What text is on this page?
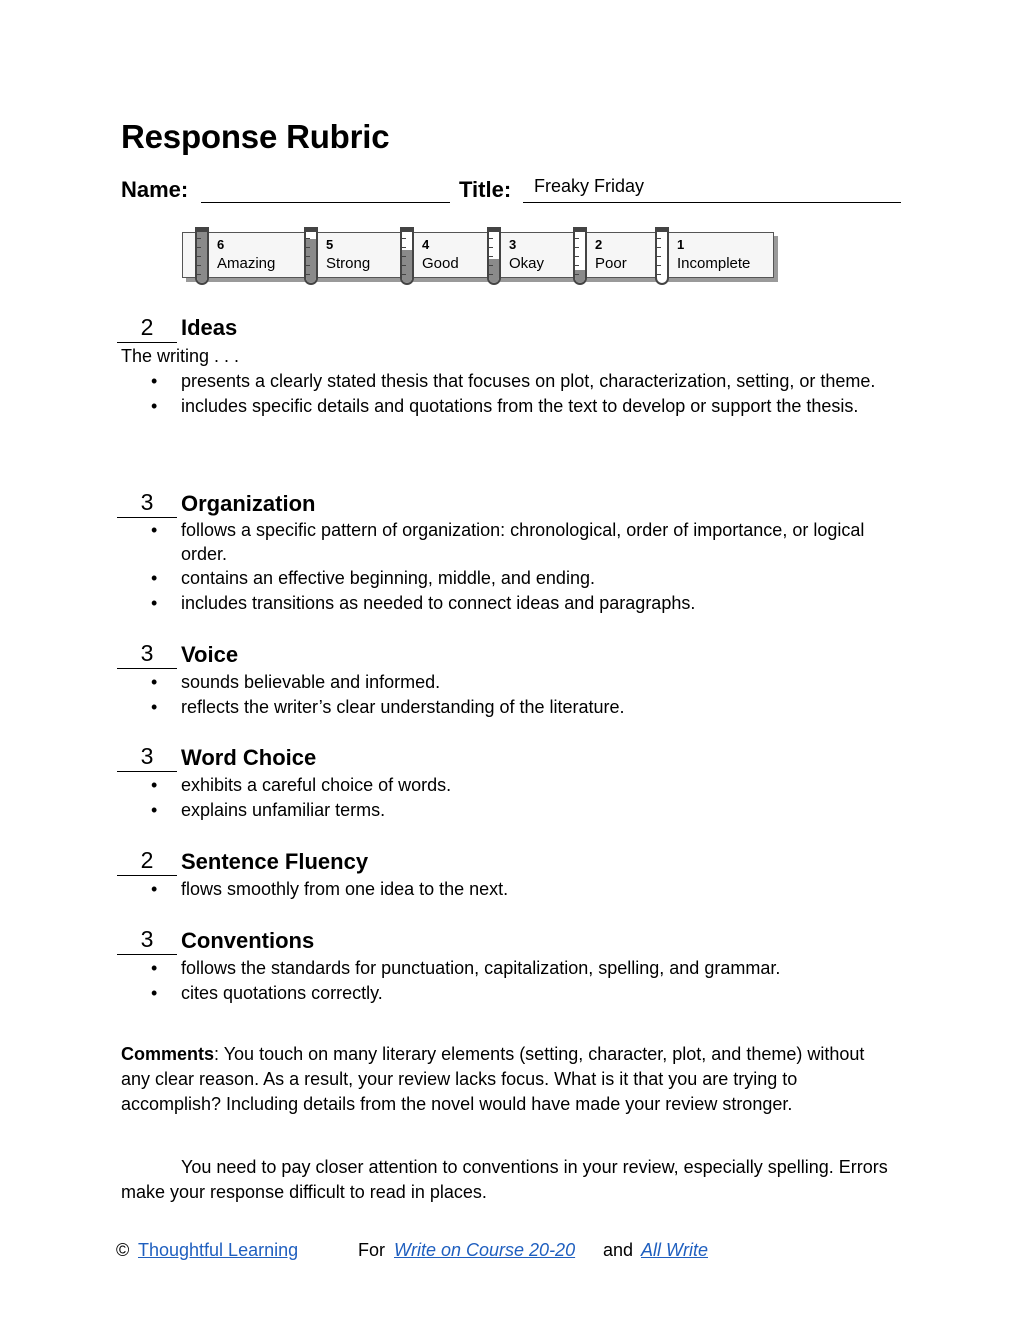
Response Rubric
Name:	Title: Freaky Friday
6
Amazing
5
Strong
4
Good
3
Okay
2
Poor
1
Incomplete
2	Ideas
The writing . . .
• presents a clearly stated thesis that focuses on plot, characterization, setting, or theme.
• includes specific details and quotations from the text to develop or support the thesis.
3	Organization
• follows a specific pattern of organization: chronological, order of importance, or logical order.
• contains an effective beginning, middle, and ending.
• includes transitions as needed to connect ideas and paragraphs.
3	Voice
• sounds believable and informed.
• reflects the writer’s clear understanding of the literature.
3	Word Choice
• exhibits a careful choice of words.
• explains unfamiliar terms.
2	Sentence Fluency
• flows smoothly from one idea to the next.
3	Conventions
• follows the standards for punctuation, capitalization, spelling, and grammar.
• cites quotations correctly.

Comments: You touch on many literary elements (setting, character, plot, and theme) without any clear reason. As a result, your review lacks focus. What is it that you are trying to accomplish? Including details from the novel would have made your review stronger.

You need to pay closer attention to conventions in your review, especially spelling. Errors make your response difficult to read in places.

© Thoughtful Learning	For Write on Course 20-20 and All Write
